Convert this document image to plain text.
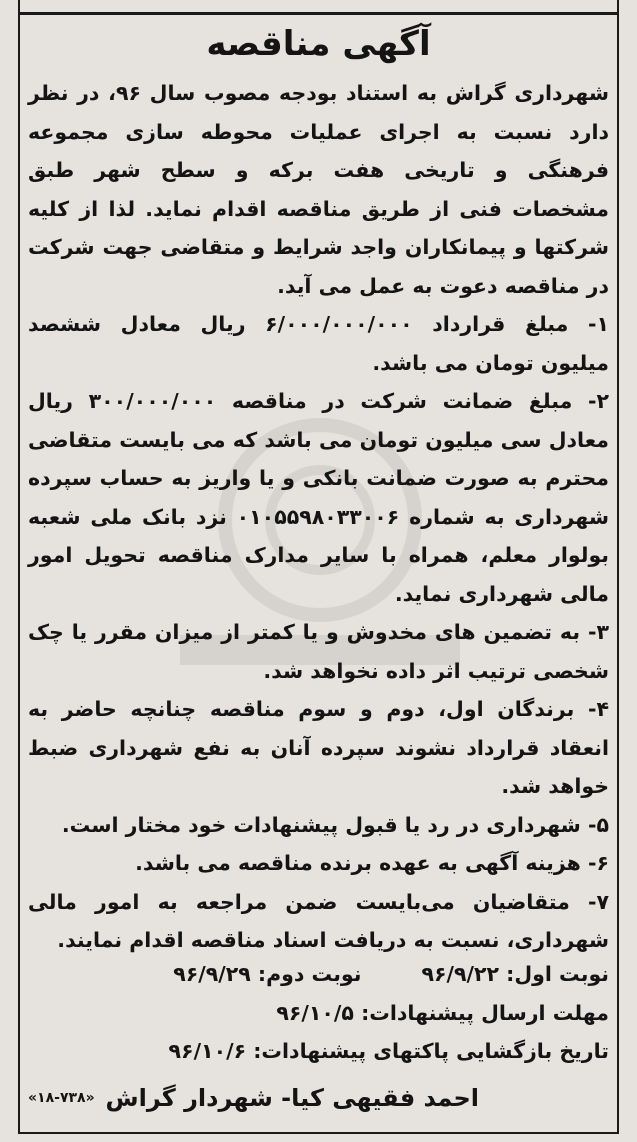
آگهی مناقصه

شهرداری گراش به استناد بودجه مصوب سال ۹۶، در نظر دارد نسبت به اجرای عملیات محوطه سازی مجموعه فرهنگی و تاریخی هفت برکه و سطح شهر طبق مشخصات فنی از طریق مناقصه اقدام نماید. لذا از کلیه شرکتها و پیمانکاران واجد شرایط و متقاضی جهت شرکت در مناقصه دعوت به عمل می آید.

۱- مبلغ قرارداد ۶/۰۰۰/۰۰۰/۰۰۰ ریال معادل ششصد میلیون تومان می باشد.

۲- مبلغ ضمانت شرکت در مناقصه ۳۰۰/۰۰۰/۰۰۰ ریال معادل سی میلیون تومان می باشد که می بایست متقاضی محترم به صورت ضمانت بانکی و یا واریز به حساب سپرده شهرداری به شماره ۰۱۰۵۵۹۸۰۳۳۰۰۶ نزد بانک ملی شعبه بولوار معلم، همراه با سایر مدارک مناقصه تحویل امور مالی شهرداری نماید.

۳- به تضمین های مخدوش و یا کمتر از میزان مقرر یا چک شخصی ترتیب اثر داده نخواهد شد.

۴- برندگان اول، دوم و سوم مناقصه چنانچه حاضر به انعقاد قرارداد نشوند سپرده آنان به نفع شهرداری ضبط خواهد شد.

۵- شهرداری در رد یا قبول پیشنهادات خود مختار است.

۶- هزینه آگهی به عهده برنده مناقصه می باشد.

۷- متقاضیان می‌بایست ضمن مراجعه به امور مالی شهرداری، نسبت به دریافت اسناد مناقصه اقدام نمایند.

نوبت اول: ۹۶/۹/۲۲
نوبت دوم: ۹۶/۹/۲۹
مهلت ارسال پیشنهادات: ۹۶/۱۰/۵
تاریخ بازگشایی پاکتهای پیشنهادات: ۹۶/۱۰/۶
احمد فقیهی کیا- شهردار گراش
«۱۸-۷۳۸»
